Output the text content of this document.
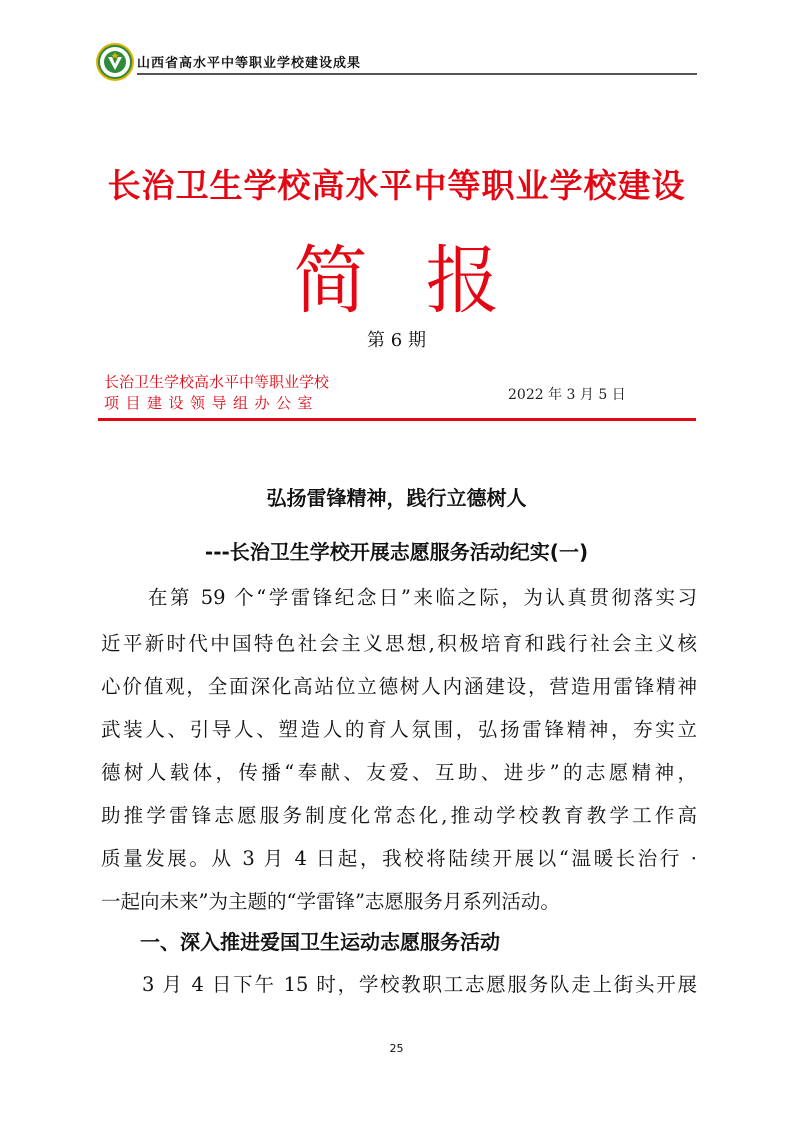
山西省高水平中等职业学校建设成果
长治卫生学校高水平中等职业学校建设
简报
第 6 期
长治卫生学校高水平中等职业学校
项目建设领导组办公室	2022 年 3 月 5 日
弘扬雷锋精神，践行立德树人
---长治卫生学校开展志愿服务活动纪实(一)
在第 59 个“学雷锋纪念日”来临之际，为认真贯彻落实习
近平新时代中国特色社会主义思想,积极培育和践行社会主义核
心价值观，全面深化高站位立德树人内涵建设，营造用雷锋精神
武装人、引导人、塑造人的育人氛围，弘扬雷锋精神，夯实立
德树人载体，传播“奉献、友爱、互助、进步”的志愿精神，
助推学雷锋志愿服务制度化常态化,推动学校教育教学工作高
质量发展。从 3 月 4 日起，我校将陆续开展以“温暖长治行 ·
一起向未来”为主题的“学雷锋”志愿服务月系列活动。
一、深入推进爱国卫生运动志愿服务活动
3 月 4 日下午 15 时，学校教职工志愿服务队走上街头开展
25
